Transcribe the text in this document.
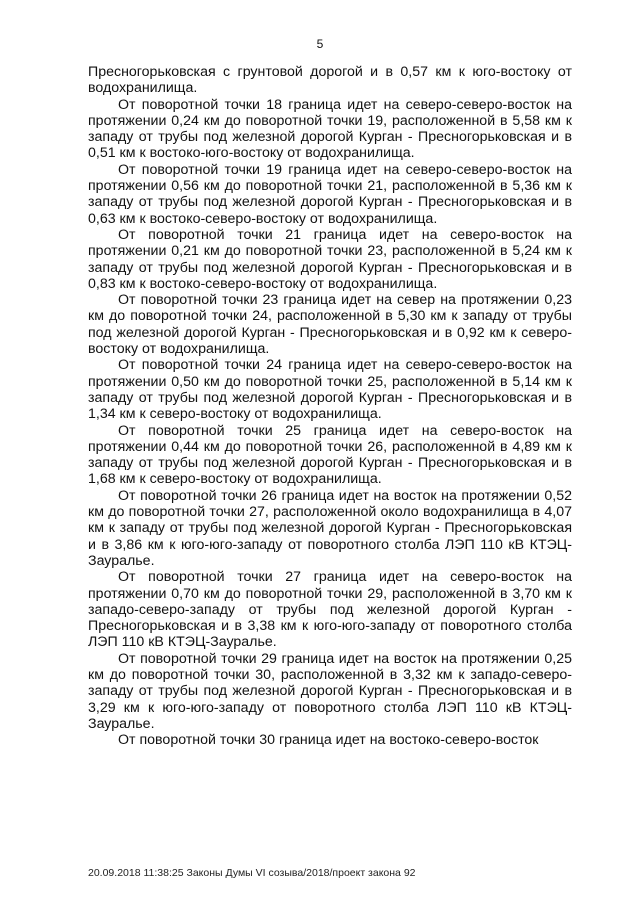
5

Пресногорьковская с грунтовой дорогой и в 0,57 км к юго-востоку от водохранилища.

От поворотной точки 18 граница идет на северо-северо-восток на протяжении 0,24 км до поворотной точки 19, расположенной в 5,58 км к западу от трубы под железной дорогой Курган - Пресногорьковская и в 0,51 км к востоко-юго-востоку от водохранилища.

От поворотной точки 19 граница идет на северо-северо-восток на протяжении 0,56 км до поворотной точки 21, расположенной в 5,36 км к западу от трубы под железной дорогой Курган - Пресногорьковская и в 0,63 км к востоко-северо-востоку от водохранилища.

От поворотной точки 21 граница идет на северо-восток на протяжении 0,21 км до поворотной точки 23, расположенной в 5,24 км к западу от трубы под железной дорогой Курган - Пресногорьковская и в 0,83 км к востоко-северо-востоку от водохранилища.

От поворотной точки 23 граница идет на север на протяжении 0,23 км до поворотной точки 24, расположенной в 5,30 км к западу от трубы под железной дорогой Курган - Пресногорьковская и в 0,92 км к северо-востоку от водохранилища.

От поворотной точки 24 граница идет на северо-северо-восток на протяжении 0,50 км до поворотной точки 25, расположенной в 5,14 км к западу от трубы под железной дорогой Курган - Пресногорьковская и в 1,34 км к северо-востоку от водохранилища.

От поворотной точки 25 граница идет на северо-восток на протяжении 0,44 км до поворотной точки 26, расположенной в 4,89 км к западу от трубы под железной дорогой Курган - Пресногорьковская и в 1,68 км к северо-востоку от водохранилища.

От поворотной точки 26 граница идет на восток на протяжении 0,52 км до поворотной точки 27, расположенной около водохранилища в 4,07 км к западу от трубы под железной дорогой Курган - Пресногорьковская и в 3,86 км к юго-юго-западу от поворотного столба ЛЭП 110 кВ КТЭЦ-Зауралье.

От поворотной точки 27 граница идет на северо-восток на протяжении 0,70 км до поворотной точки 29, расположенной в 3,70 км к западо-северо-западу от трубы под железной дорогой Курган - Пресногорьковская и в 3,38 км к юго-юго-западу от поворотного столба ЛЭП 110 кВ КТЭЦ-Зауралье.

От поворотной точки 29 граница идет на восток на протяжении 0,25 км до поворотной точки 30, расположенной в 3,32 км к западо-северо-западу от трубы под железной дорогой Курган - Пресногорьковская и в 3,29 км к юго-юго-западу от поворотного столба ЛЭП 110 кВ КТЭЦ-Зауралье.

От поворотной точки 30 граница идет на востоко-северо-восток

20.09.2018 11:38:25 Законы Думы VI созыва/2018/проект закона 92
